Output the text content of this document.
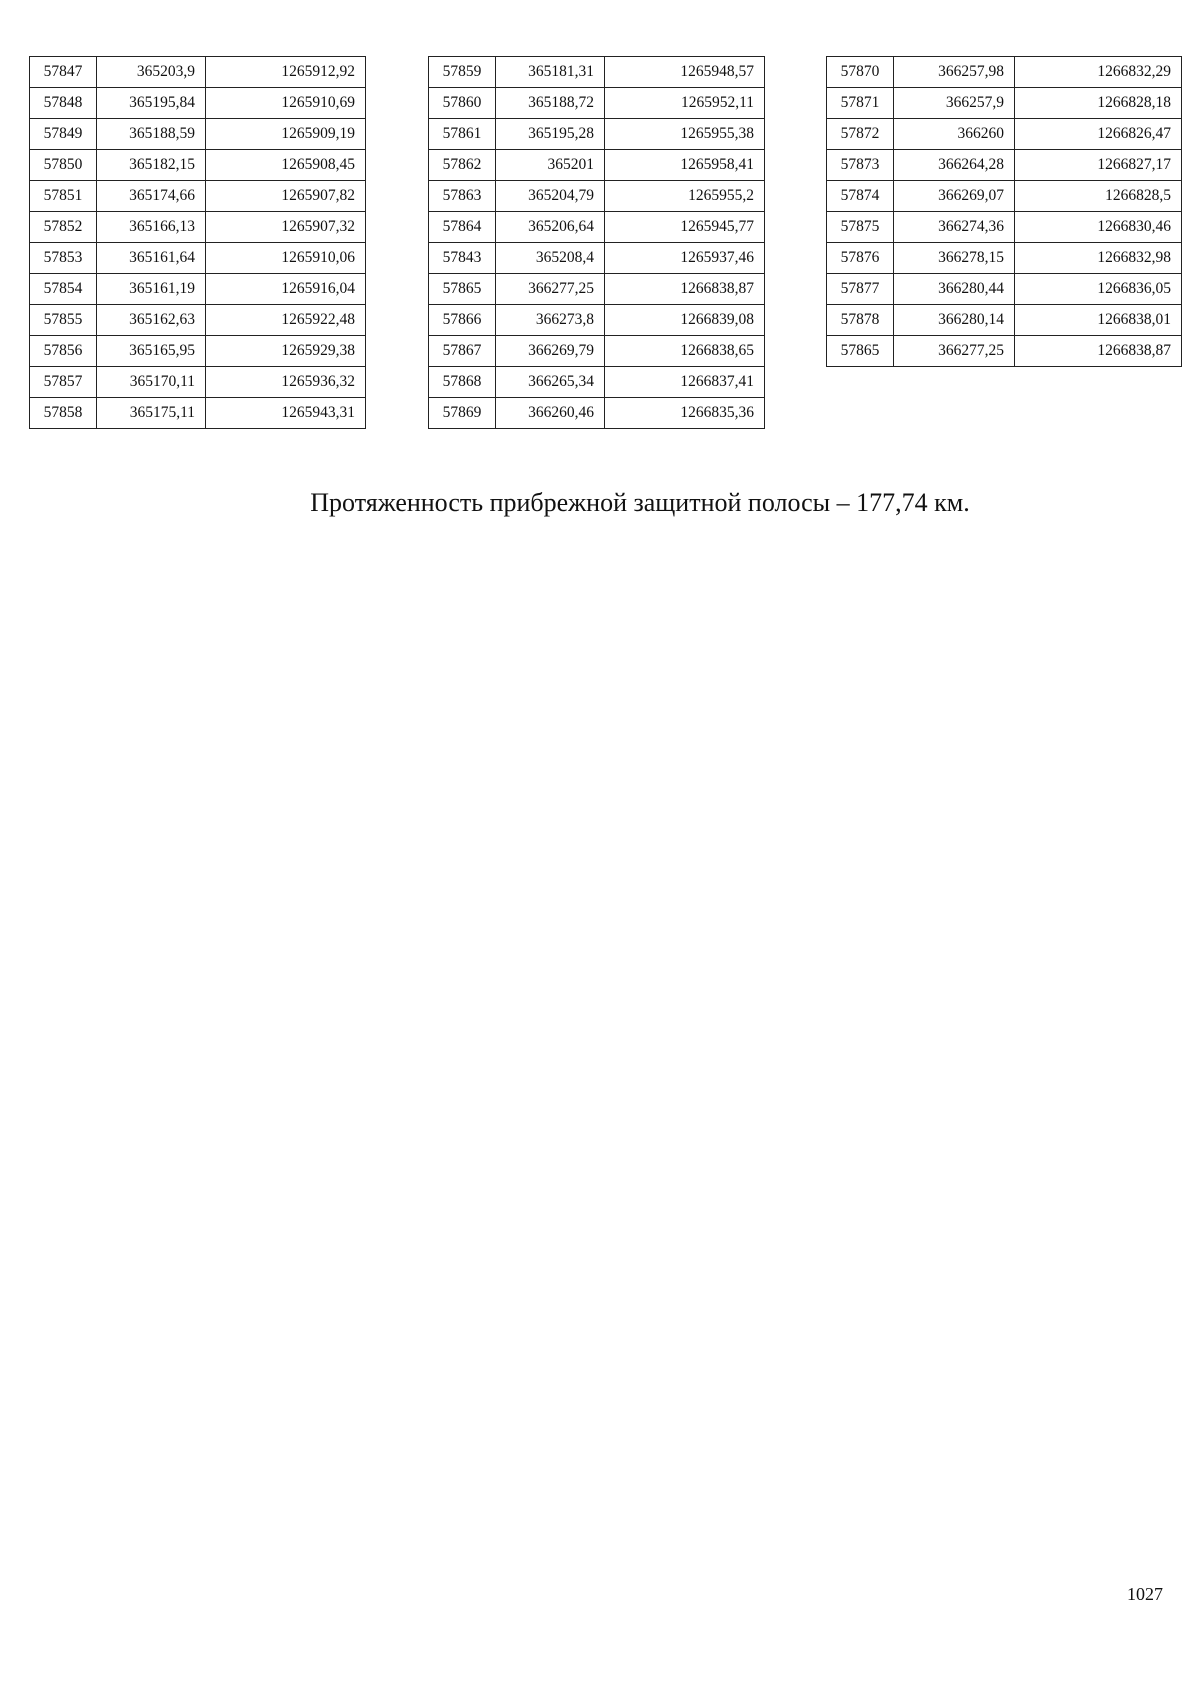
57847	365203,9	1265912,92
57848	365195,84	1265910,69
57849	365188,59	1265909,19
57850	365182,15	1265908,45
57851	365174,66	1265907,82
57852	365166,13	1265907,32
57853	365161,64	1265910,06
57854	365161,19	1265916,04
57855	365162,63	1265922,48
57856	365165,95	1265929,38
57857	365170,11	1265936,32
57858	365175,11	1265943,31
57859	365181,31	1265948,57
57860	365188,72	1265952,11
57861	365195,28	1265955,38
57862	365201	1265958,41
57863	365204,79	1265955,2
57864	365206,64	1265945,77
57843	365208,4	1265937,46
57865	366277,25	1266838,87
57866	366273,8	1266839,08
57867	366269,79	1266838,65
57868	366265,34	1266837,41
57869	366260,46	1266835,36
57870	366257,98	1266832,29
57871	366257,9	1266828,18
57872	366260	1266826,47
57873	366264,28	1266827,17
57874	366269,07	1266828,5
57875	366274,36	1266830,46
57876	366278,15	1266832,98
57877	366280,44	1266836,05
57878	366280,14	1266838,01
57865	366277,25	1266838,87
Протяженность прибрежной защитной полосы – 177,74 км.
1027
